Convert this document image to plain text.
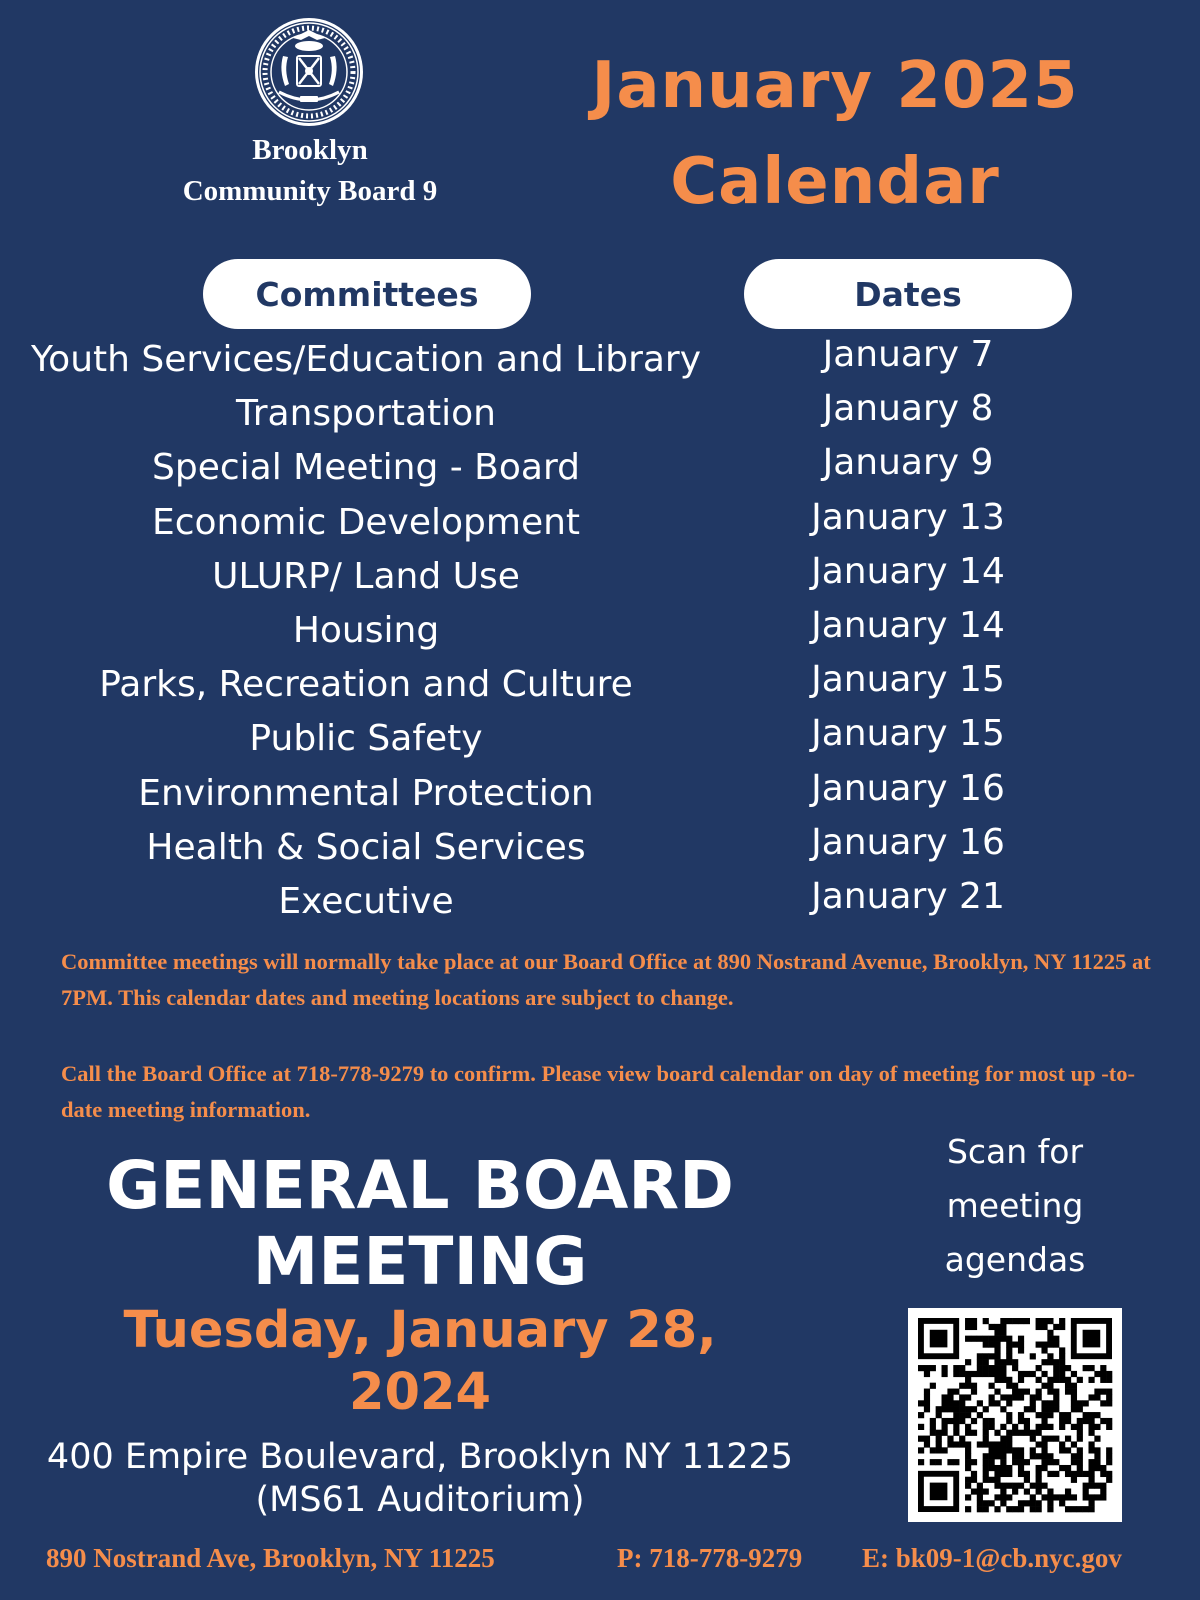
Brooklyn
Community Board 9
January 2025
Calendar
Committees	Dates
Youth Services/Education and Library
Transportation
Special Meeting - Board
Economic Development
ULURP/ Land Use
Housing
Parks, Recreation and Culture
Public Safety
Environmental Protection
Health & Social Services
Executive
January 7
January 8
January 9
January 13
January 14
January 14
January 15
January 15
January 16
January 16
January 21
Committee meetings will normally take place at our Board Office at 890 Nostrand Avenue, Brooklyn, NY 11225 at 7PM. This calendar dates and meeting locations are subject to change.
Call the Board Office at 718-778-9279 to confirm. Please view board calendar on day of meeting for most up -to-date meeting information.
GENERAL BOARD
MEETING
Tuesday, January 28,
2024
400 Empire Boulevard, Brooklyn NY 11225
(MS61 Auditorium)
Scan for
meeting
agendas
890 Nostrand Ave, Brooklyn, NY 11225	P: 718-778-9279 E: bk09-1@cb.nyc.gov
